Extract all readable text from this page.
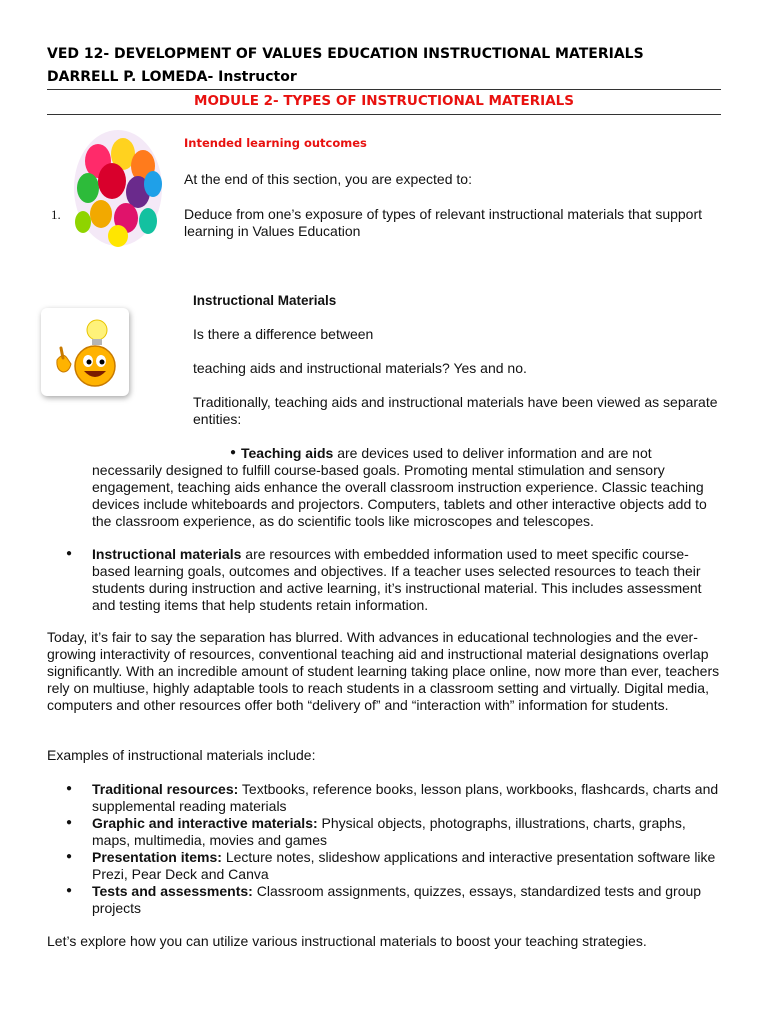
VED 12- DEVELOPMENT OF VALUES EDUCATION INSTRUCTIONAL MATERIALS
DARRELL P. LOMEDA- Instructor
MODULE 2- TYPES OF INSTRUCTIONAL MATERIALS
Intended learning outcomes
At the end of this section, you are expected to:
1.	Deduce from one’s exposure of types of relevant instructional materials that support learning in Values Education
Instructional Materials
Is there a difference between
teaching aids and instructional materials? Yes and no.
Traditionally, teaching aids and instructional materials have been viewed as separate entities:
● Teaching aids are devices used to deliver information and are not necessarily designed to fulfill course-based goals. Promoting mental stimulation and sensory engagement, teaching aids enhance the overall classroom instruction experience. Classic teaching devices include whiteboards and projectors. Computers, tablets and other interactive objects add to the classroom experience, as do scientific tools like microscopes and telescopes.
● Instructional materials are resources with embedded information used to meet specific course-based learning goals, outcomes and objectives. If a teacher uses selected resources to teach their students during instruction and active learning, it’s instructional material. This includes assessment and testing items that help students retain information.
Today, it’s fair to say the separation has blurred. With advances in educational technologies and the ever-growing interactivity of resources, conventional teaching aid and instructional material designations overlap significantly. With an incredible amount of student learning taking place online, now more than ever, teachers rely on multiuse, highly adaptable tools to reach students in a classroom setting and virtually. Digital media, computers and other resources offer both “delivery of” and “interaction with” information for students.
Examples of instructional materials include:
● Traditional resources: Textbooks, reference books, lesson plans, workbooks, flashcards, charts and supplemental reading materials
● Graphic and interactive materials: Physical objects, photographs, illustrations, charts, graphs, maps, multimedia, movies and games
● Presentation items: Lecture notes, slideshow applications and interactive presentation software like Prezi, Pear Deck and Canva
● Tests and assessments: Classroom assignments, quizzes, essays, standardized tests and group projects
Let’s explore how you can utilize various instructional materials to boost your teaching strategies.
